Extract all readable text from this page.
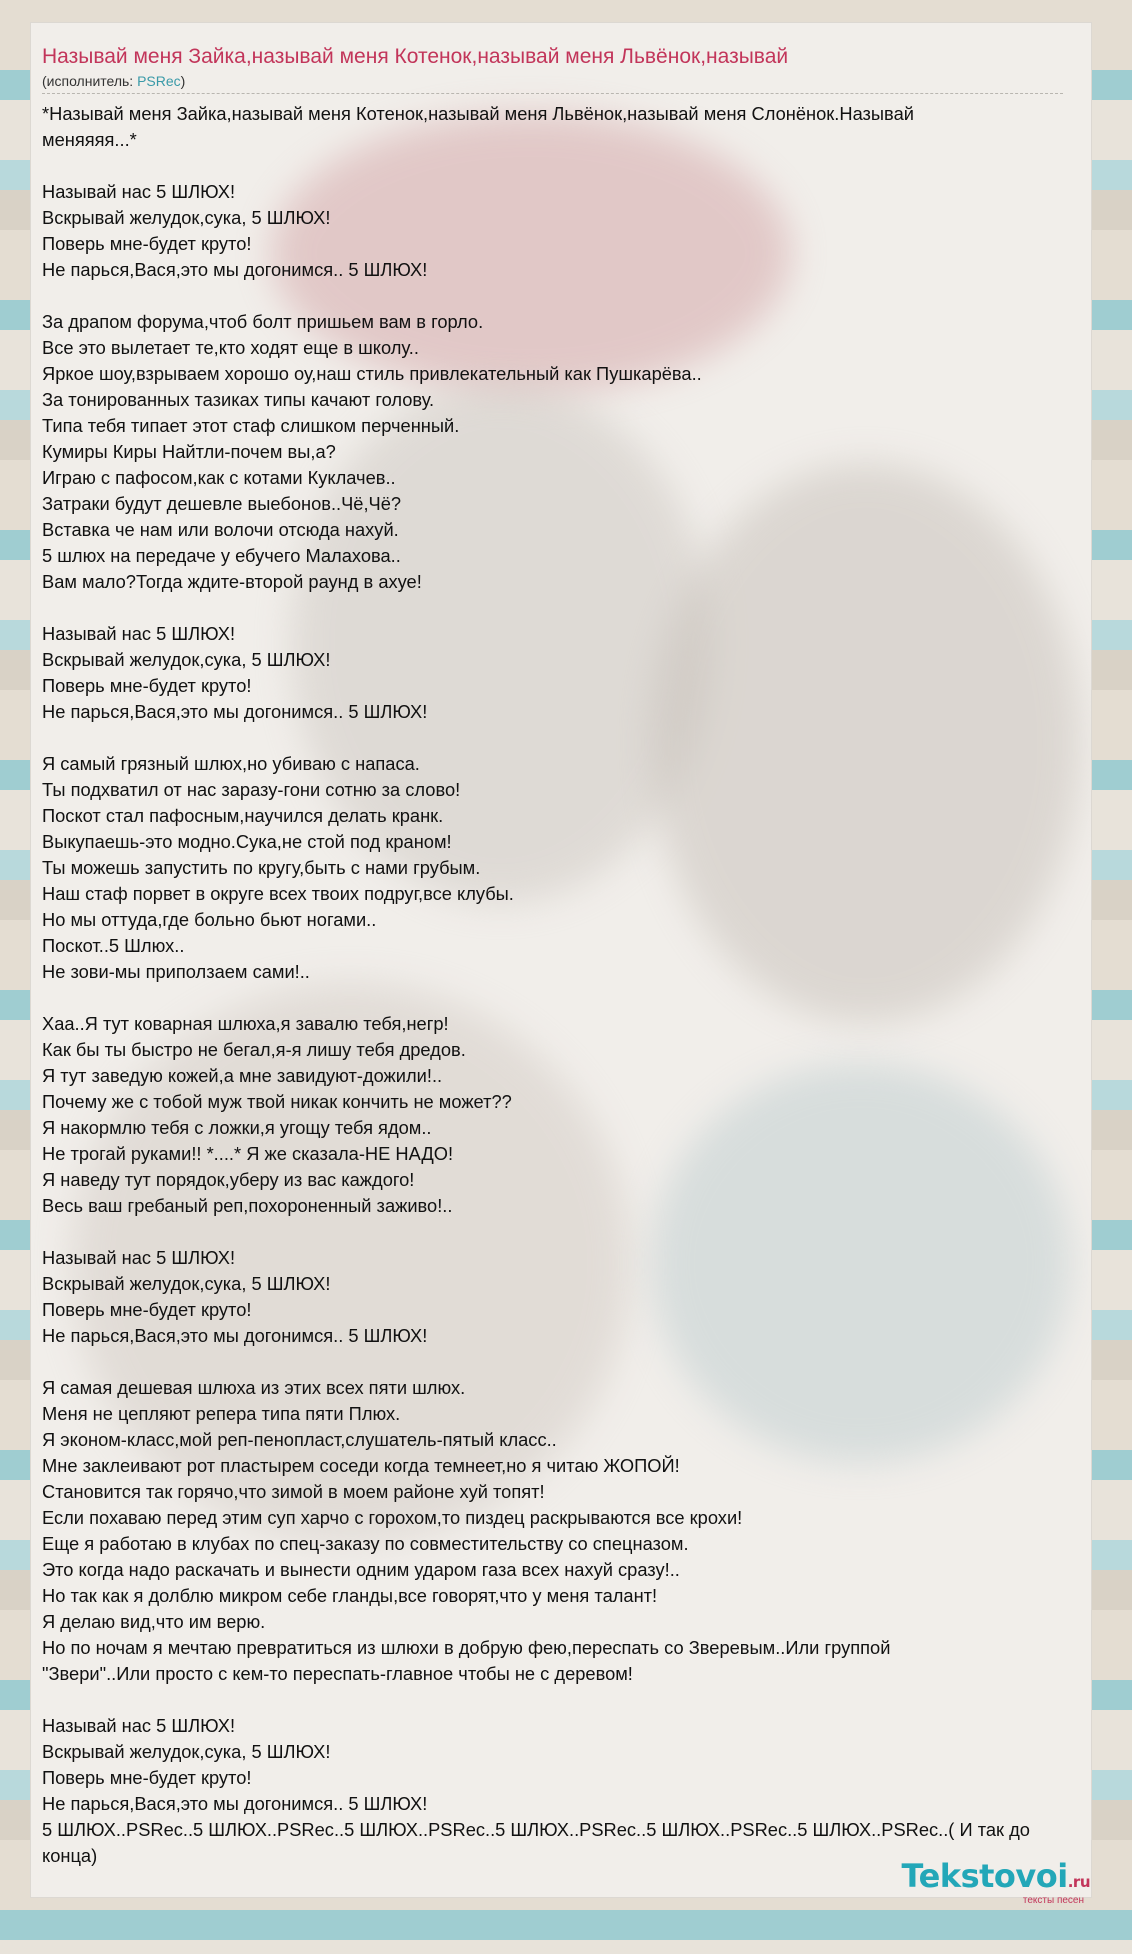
Называй меня Зайка,называй меня Котенок,называй меня Львёнок,называй
(исполнитель: PSRec)
*Называй меня Зайка,называй меня Котенок,называй меня Львёнок,называй меня Слонёнок.Называй
меняяяя...*

Называй нас 5 ШЛЮХ!
Вскрывай желудок,сука, 5 ШЛЮХ!
Поверь мне-будет круто!
Не парься,Вася,это мы догонимся.. 5 ШЛЮХ!

За драпом форума,чтоб болт пришьем вам в горло.
Все это вылетает те,кто ходят еще в школу..
Яркое шоу,взрываем хорошо оу,наш стиль привлекательный как Пушкарёва..
За тонированных тазиках типы качают голову.
Типа тебя типает этот стаф слишком перченный.
Кумиры Киры Найтли-почем вы,а?
Играю с пафосом,как с котами Куклачев..
Затраки будут дешевле выебонов..Чё,Чё?
Вставка че нам или волочи отсюда нахуй.
5 шлюх на передаче у ебучего Малахова..
Вам мало?Тогда ждите-второй раунд в ахуе!

Называй нас 5 ШЛЮХ!
Вскрывай желудок,сука, 5 ШЛЮХ!
Поверь мне-будет круто!
Не парься,Вася,это мы догонимся.. 5 ШЛЮХ!

Я самый грязный шлюх,но убиваю с напаса.
Ты подхватил от нас заразу-гони сотню за слово!
Поскот стал пафосным,научился делать кранк.
Выкупаешь-это модно.Сука,не стой под краном!
Ты можешь запустить по кругу,быть с нами грубым.
Наш стаф порвет в округе всех твоих подруг,все клубы.
Но мы оттуда,где больно бьют ногами..
Поскот..5 Шлюх..
Не зови-мы приползаем сами!..

Хаа..Я тут коварная шлюха,я завалю тебя,негр!
Как бы ты быстро не бегал,я-я лишу тебя дредов.
Я тут заведую кожей,а мне завидуют-дожили!..
Почему же с тобой муж твой никак кончить не может??
Я накормлю тебя с ложки,я угощу тебя ядом..
Не трогай руками!! *....* Я же сказала-НЕ НАДО!
Я наведу тут порядок,уберу из вас каждого!
Весь ваш гребаный реп,похороненный заживо!..

Называй нас 5 ШЛЮХ!
Вскрывай желудок,сука, 5 ШЛЮХ!
Поверь мне-будет круто!
Не парься,Вася,это мы догонимся.. 5 ШЛЮХ!

Я самая дешевая шлюха из этих всех пяти шлюх.
Меня не цепляют репера типа пяти Плюх.
Я эконом-класс,мой реп-пенопласт,слушатель-пятый класс..
Мне заклеивают рот пластырем соседи когда темнеет,но я читаю ЖОПОЙ!
Становится так горячо,что зимой в моем районе хуй топят!
Если похаваю перед этим суп харчо с горохом,то пиздец раскрываются все крохи!
Еще я работаю в клубах по спец-заказу по совместительству со спецназом.
Это когда надо раскачать и вынести одним ударом газа всех нахуй сразу!..
Но так как я долблю микром себе гланды,все говорят,что у меня талант!
Я делаю вид,что им верю.
Но по ночам я мечтаю превратиться из шлюхи в добрую фею,переспать со Зверевым..Или группой
"Звери"..Или просто с кем-то переспать-главное чтобы не с деревом!

Называй нас 5 ШЛЮХ!
Вскрывай желудок,сука, 5 ШЛЮХ!
Поверь мне-будет круто!
Не парься,Вася,это мы догонимся.. 5 ШЛЮХ!
5 ШЛЮХ..PSRec..5 ШЛЮХ..PSRec..5 ШЛЮХ..PSRec..5 ШЛЮХ..PSRec..5 ШЛЮХ..PSRec..5 ШЛЮХ..PSRec..( И так до
конца)
Tekstovoi.ru
тексты песен
